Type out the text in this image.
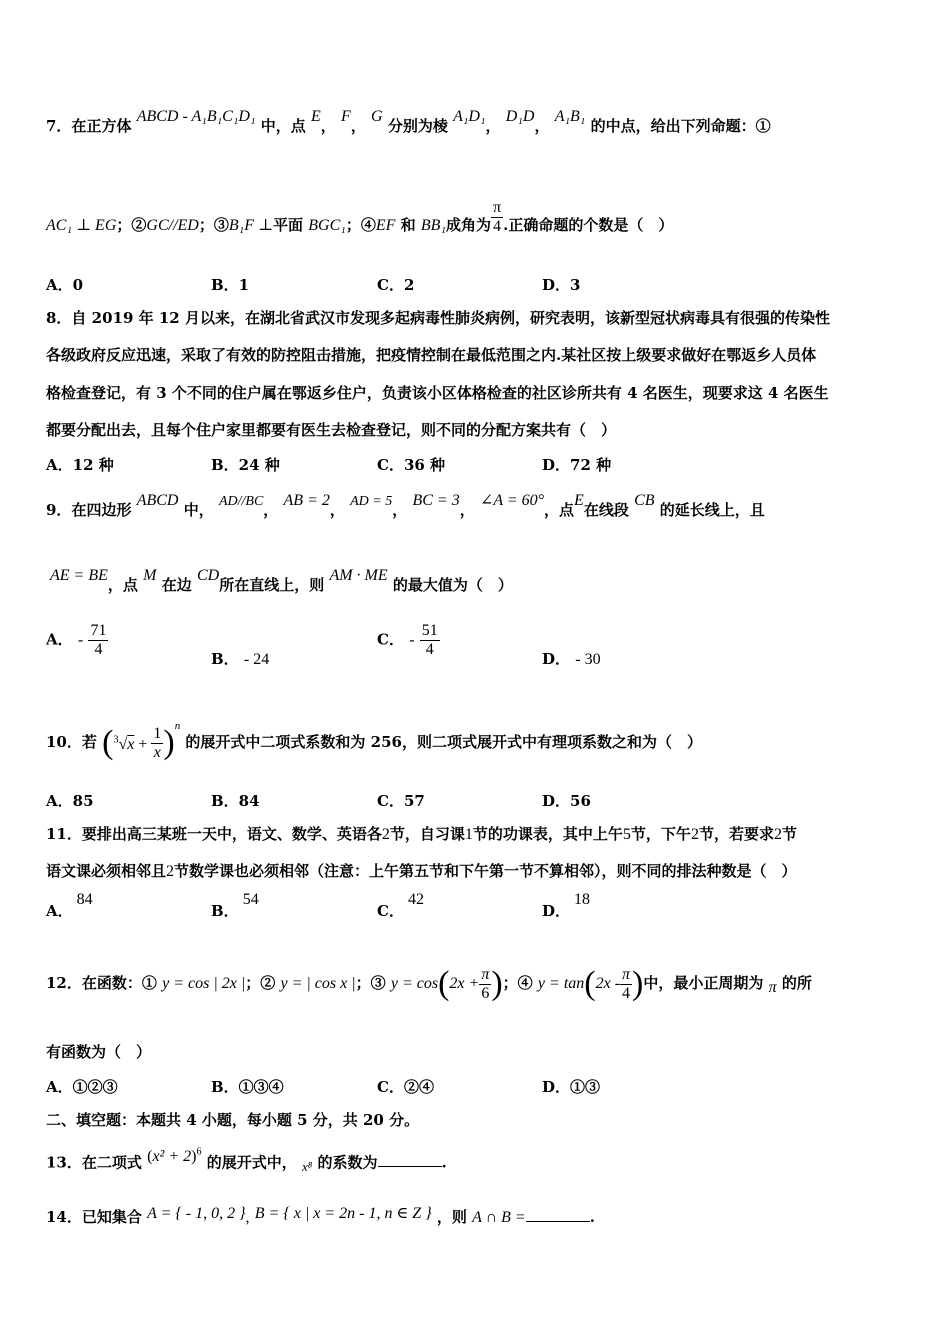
7．在正方体 ABCD - A₁B₁C₁D₁ 中，点 E， F， G 分别为棱 A₁D₁， D₁D， A₁B₁ 的中点，给出下列命题：①
AC₁ ⊥ EG；②GC//ED；③B₁F ⊥平面 BGC₁；④EF 和 BB₁成角为 $\frac{\pi}{4}$ .正确命题的个数是（　）
A．0	B．1	C．2	D．3
8．自 2019 年 12 月以来，在湖北省武汉市发现多起病毒性肺炎病例，研究表明，该新型冠状病毒具有很强的传染性
各级政府反应迅速，采取了有效的防控阻击措施，把疫情控制在最低范围之内.某社区按上级要求做好在鄂返乡人员体
格检查登记，有 3 个不同的住户属在鄂返乡住户，负责该小区体格检查的社区诊所共有 4 名医生，现要求这 4 名医生
都要分配出去，且每个住户家里都要有医生去检查登记，则不同的分配方案共有（　）
A．12 种	B．24 种	C．36 种	D．72 种
9．在四边形 ABCD 中， AD//BC， AB = 2， AD = 5， BC = 3， ∠A = 60°，点E在线段 CB 的延长线上，且
AE = BE，点 M 在边 CD所在直线上，则 AM · ME 的最大值为（　）
A． - $\frac{71}{4}$	B． - 24
C． - $\frac{51}{4}$	D． - 30
10．若 $(^3√x + \frac{1}{x} )^n$ 的展开式中二项式系数和为 256，则二项式展开式中有理项系数之和为（　）
A．85	B．84	C．57	D．56
11．要排出高三某班一天中，语文、数学、英语各2节，自习课1节的功课表，其中上午5节，下午2节，若要求2节
语文课必须相邻且2节数学课也必须相邻（注意：上午第五节和下午第一节不算相邻），则不同的排法种数是（　）
A．84
B．54
C．42
D．18
12．在函数：① y = cos | 2x |；② y = | cos x |；③ $y = \cos(2x + \frac{\pi}{6}$ )；④ $y = \tan(2x - \frac{\pi}{4}$ )中，最小正周期为 π 的所
有函数为（　）
A．①②③	B．①③④	C．②④	D．①③
二、填空题：本题共 4 小题，每小题 5 分，共 20 分。
13．在二项式 $(x^2 + 2)^6$ 的展开式中， x⁸ 的系数为	.
14．已知集合 A = { - 1, 0, 2 }, B = { x | x = 2n - 1, n ∈ Z } ，则 A ∩ B =	.
